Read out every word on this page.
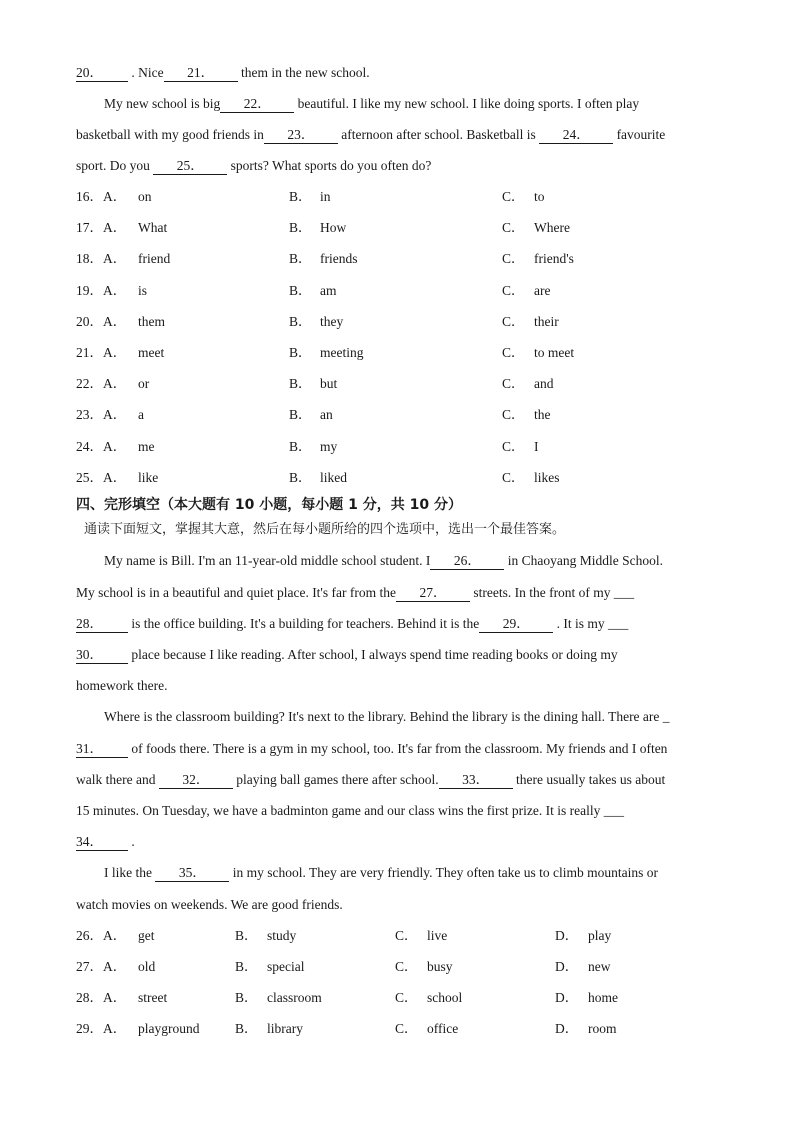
20． . Nice 21． them in the new school.
My new school is big 22． beautiful. I like my new school. I like doing sports. I often play
basketball with my good friends in 23． afternoon after school. Basketball is 24． favourite
sport. Do you 25． sports? What sports do you often do?
16．A． on	B． in	C． to
17．A． What	B． How	C． Where
18．A． friend	B． friends	C． friend's
19．A． is	B． am	C． are
20．A． them	B． they	C． their
21．A． meet	B． meeting	C． to meet
22．A． or	B． but	C． and
23．A． a	B． an	C． the
24．A． me	B． my	C． I
25．A． like	B． liked	C． likes
四、完形填空（本大题有 10 小题，每小题 1 分，共 10 分）
通读下面短文，掌握其大意，然后在每小题所给的四个选项中，选出一个最佳答案。
My name is Bill. I'm an 11-year-old middle school student. I 26． in Chaoyang Middle School.
My school is in a beautiful and quiet place. It's far from the 27． streets. In the front of my ___
28． is the office building. It's a building for teachers. Behind it is the 29． . It is my ___
30． place because I like reading. After school, I always spend time reading books or doing my
homework there.
Where is the classroom building? It's next to the library. Behind the library is the dining hall. There are _
31． of foods there. There is a gym in my school, too. It's far from the classroom. My friends and I often
walk there and 32． playing ball games there after school. 33． there usually takes us about
15 minutes. On Tuesday, we have a badminton game and our class wins the first prize. It is really ___
34． .
I like the 35． in my school. They are very friendly. They often take us to climb mountains or
watch movies on weekends. We are good friends.
26．A． get	B． study	C． live	D． play
27．A． old	B． special	C． busy	D． new
28．A． street	B． classroom	C． school	D． home
29．A． playground	B． library	C． office	D． room
